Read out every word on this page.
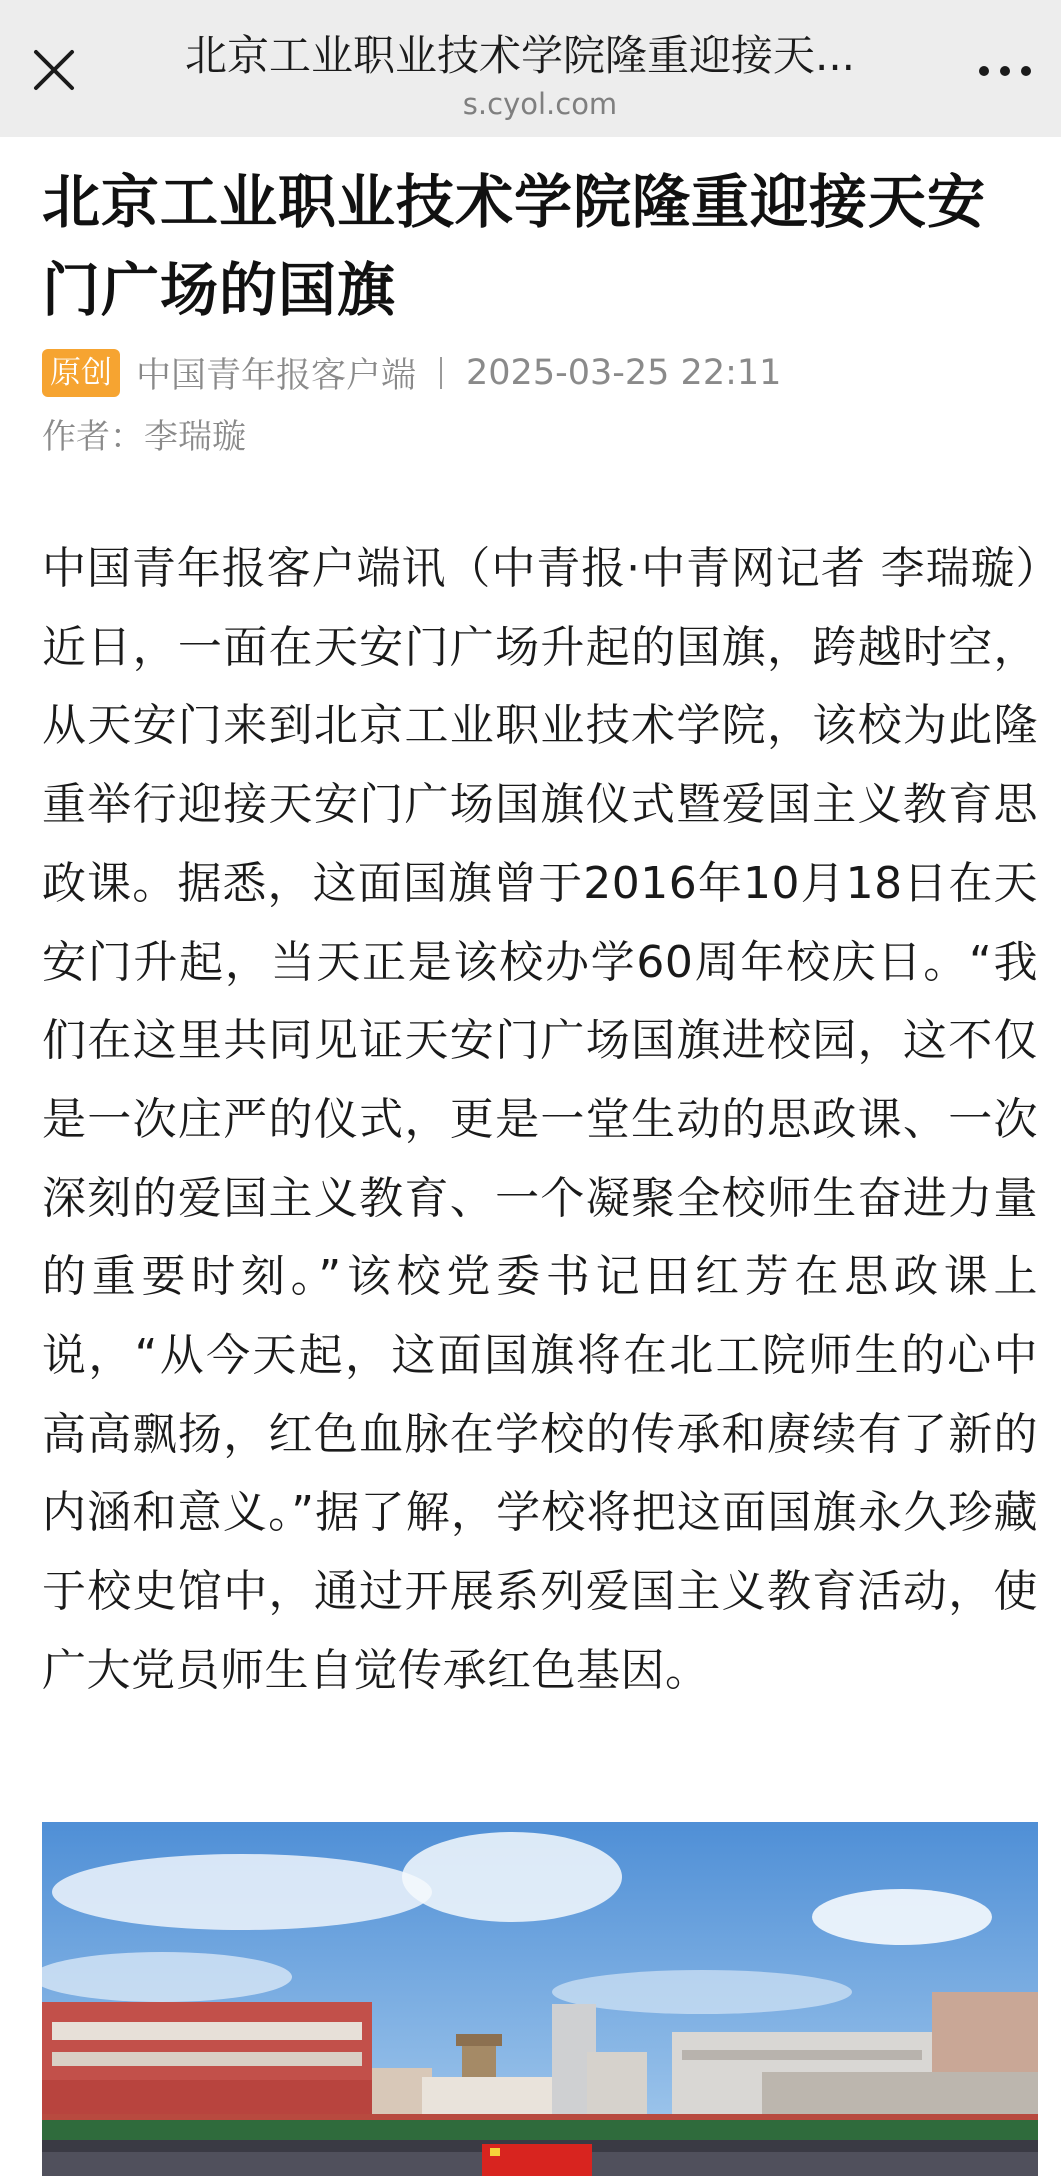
北京工业职业技术学院隆重迎接天...
s.cyol.com
北京工业职业技术学院隆重迎接天安门广场的国旗
原创 中国青年报客户端 2025-03-25 22:11
作者：李瑞璇

中国青年报客户端讯（中青报·中青网记者 李瑞璇）近日，一面在天安门广场升起的国旗，跨越时空，从天安门来到北京工业职业技术学院，该校为此隆重举行迎接天安门广场国旗仪式暨爱国主义教育思政课。据悉，这面国旗曾于2016年10月18日在天安门升起，当天正是该校办学60周年校庆日。“我们在这里共同见证天安门广场国旗进校园，这不仅是一次庄严的仪式，更是一堂生动的思政课、一次深刻的爱国主义教育、一个凝聚全校师生奋进力量的重要时刻。”该校党委书记田红芳在思政课上说，“从今天起，这面国旗将在北工院师生的心中高高飘扬，红色血脉在学校的传承和赓续有了新的内涵和意义。”据了解，学校将把这面国旗永久珍藏于校史馆中，通过开展系列爱国主义教育活动，使广大党员师生自觉传承红色基因。
